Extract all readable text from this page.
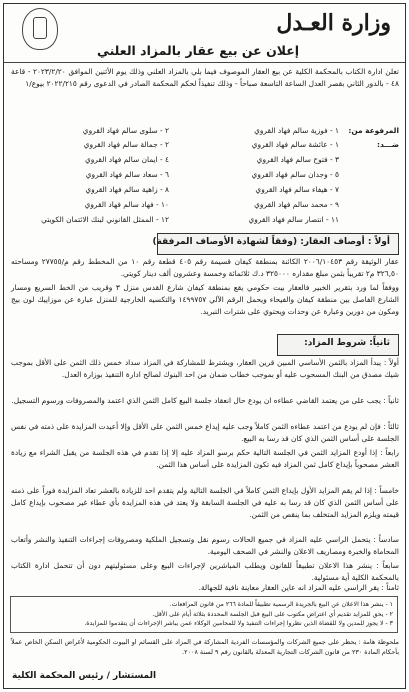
وزارة العـدل
إعلان عن بيع عقار بالمزاد العلني
تعلن ادارة الكتاب بالمحكمة الكلية عن بيع العقار الموصوف فيما بلي بالمزاد العلني وذلك يوم الأثنين الموافق ٢٠٢٣/٢/٢٠ - قاعة ٤٨ - بالدور الثاني بقصر العدل الساعة التاسعة صباحاً - وذلك تنفيذاً لحكم المحكمة الصادر في الدعوى رقم ٢٠٢٢/٢١٥ بيوع/١
المرفوعة من:
١ - فوزية سالم فهاد القروي
٢ - سلوى سالم فهاد القروي
ضـــد:
١ - عائشة سالم فهاد القروي
٢ - جمالة سالم فهاد القروي
٣ - فتوح سالم فهاد القروي
٤ - ايمان سالم فهاد القروي
٥ - وجدان سالم فهاد القروي
٦ - سعاد سالم فهاد القروي
٧ - هيفاء سالم فهاد القروي
٨ - زاهية سالم فهاد القروي
٩ - محمد سالم فهاد القروي
١٠ - فهاد سالم فهاد القروي
١١ - انتصار سالم فهاد القروي
١٢ - الممثل القانوني لبنك الائتمان الكويتي
أولاً : أوصاف العقار: (وفقاً لشهادة الأوصاف المرفقة)
عقار الوثيقة رقم ٢٠٠٦/١٠٤٥٣ الكائنة بمنطقة كيفان قسيمة رقم ٤٠٥ قطعة رقم ١٠ من المخطط رقم م/٢٧٧٥٥ ومساحته ٣٢٦,٥٠ م٢ تقريباً بثمن مبلغ مقداره ٣٢٥٠٠٠ د.ك ثلاثمائة وخمسة وعشرون ألف دينار كويتي.
ووفقاً لما ورد بتقرير الخبير فالعقار بيت حكومي يقع بمنطقة كيفان شارع القدس منزل ٣ وقريب من الخط السريع ومسار الشارع الفاصل بين منطقة كيفان والفيحاء ويحمل الرقم الآلي ١٤٩٩٧٥٧ والتكسيه الخارجية للمنزل عبارة عن موزاييك لون بيج ومكون من دورين وعبارة عن وحدات ويحتوي على شترات التبريد.
ثانياً: شروط المزاد:
أولاً : يبدأ المزاد بالثمن الأساسي المبين قرين العقار، ويشترط للمشاركة في المزاد سداد خمس ذلك الثمن على الأقل بموجب شيك مصدق من البنك المسحوب عليه أو بموجب خطاب ضمان من احد البنوك لصالح ادارة التنفيذ بوزارة العدل.
ثانياً : يجب على من يعتمد القاضي عطاءه ان يودع حال انعقاد جلسة البيع كامل الثمن الذي اعتمد والمصروفات ورسوم التسجيل.
ثالثاً : فإن لم يودع من اعتمد عطاءه الثمن كاملاً وجب عليه إيداع خمس الثمن على الأقل وإلا أعيدت المزايدة على ذمته في نفس الجلسة على أساس الثمن الذي كان قد رسا به البيع.
رابعاً : إذا أودع المزايد الثمن في الجلسة التالية حكم برسو المزاد عليه إلا إذا تقدم في هذه الجلسة من يقبل الشراء مع زيادة العشر مصحوباً بإيداع كامل ثمن المزاد فيه تكون المزايدة على أساس هذا الثمن.
خامساً : إذا لم يقم المزايد الأول بإيداع الثمن كاملاً في الجلسة التالية ولم يتقدم احد للزيادة بالعشر تعاد المزايدة فوراً على ذمته على أساس الثمن الذي كان قد رسا به عليه في الجلسة السابقة ولا يعتد في هذه المزايدة بأي عطاء غير مصحوب بإيداع كامل قيمته ويلزم المزايد المتخلف بما ينقص من الثمن.
سادساً : يتحمل الراسي عليه المزاد في جميع الحالات رسوم نقل وتسجيل الملكية ومصروفات إجراءات التنفيذ والنشر وأتعاب المحاماة والخبرة ومصاريف الاعلان والنشر في الصحف اليومية.
سابعاً : ينشر هذا الاعلان تطبيقاً للقانون ويطلب المباشرين لإجراءات البيع وعلى مسئوليتهم دون أن تتحمل ادارة الكتاب بالمحكمة الكلية أية مسئولية.
ثامناً : يقر الراسي عليه المزاد انه عاين العقار معاينة نافية للجهالة.
١ - ينشر هذا الاعلان عن البيع بالجريدة الرسمية تطبيقاً للمادة ٢٦٦ من قانون المرافعات.
٢ - يحق للمزايد تقديم أي اعتراض مكتوب على البيع قبل الجلسة المحددة بثلاثة أيام على الأقل.
٣ - لا يجوز للمدين ولا للقضاة الذين نظروا إجراءات التنفيذ ولا للمحامين الوكلاء عمن يباشر الإجراءات أن يتقدموا للمزايدة.
ملحوظة هامة : يحظر على جميع الشركات والمؤسسات الفردية المشاركة في المزاد على القسائم او البيوت الحكومية لأغراض السكن الخاص عملاً بأحكام المادة ٢٣٠ من قانون الشركات التجارية المعدلة بالقانون رقم ٩ لسنة ٢٠٠٨.
المستشار / رئيس المحكمة الكلية
